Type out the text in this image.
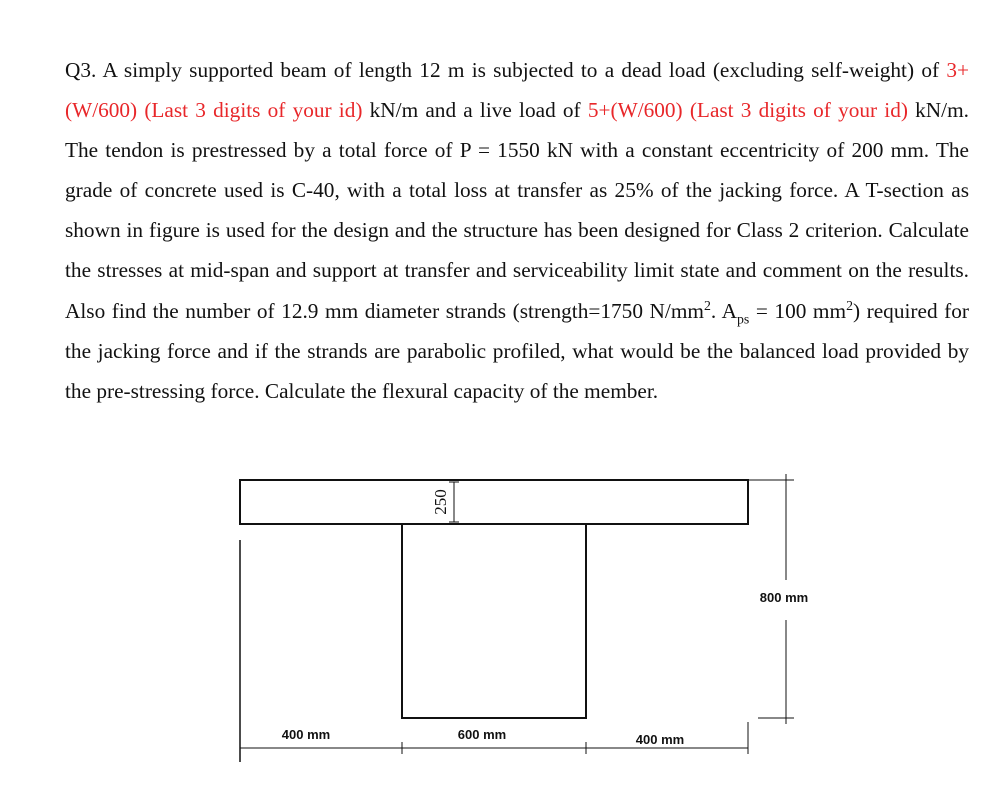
Q3. A simply supported beam of length 12 m is subjected to a dead load (excluding self-weight) of 3+(W/600) (Last 3 digits of your id) kN/m and a live load of 5+(W/600) (Last 3 digits of your id) kN/m. The tendon is prestressed by a total force of P = 1550 kN with a constant eccentricity of 200 mm. The grade of concrete used is C-40, with a total loss at transfer as 25% of the jacking force. A T-section as shown in figure is used for the design and the structure has been designed for Class 2 criterion. Calculate the stresses at mid-span and support at transfer and serviceability limit state and comment on the results. Also find the number of 12.9 mm diameter strands (strength=1750 $N/mm^2$. $A_{ps} = 100$ $mm^2$) required for the jacking force and if the strands are parabolic profiled, what would be the balanced load provided by the pre-stressing force. Calculate the flexural capacity of the member.

250
800 mm
400 mm	600 mm	400 mm
